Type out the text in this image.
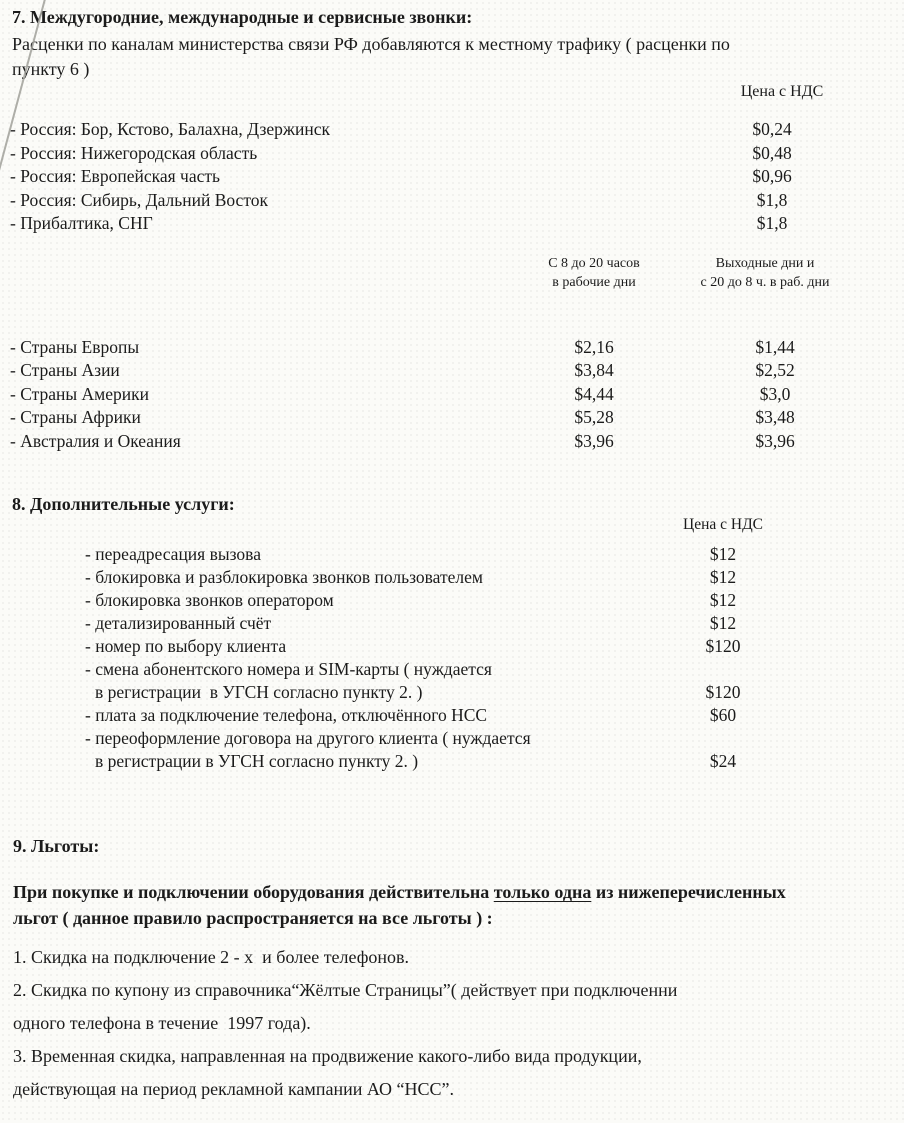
7. Междугородние, международные и сервисные звонки:
Расценки по каналам министерства связи РФ добавляются к местному трафику ( расценки по
пункту 6 )
Цена с НДС
- Россия: Бор, Кстово, Балахна, Дзержинск	$0,24
- Россия: Нижегородская область	$0,48
- Россия: Европейская часть	$0,96
- Россия: Сибирь, Дальний Восток	$1,8
- Прибалтика, СНГ	$1,8
С 8 до 20 часов
в рабочие дни
Выходные дни и
с 20 до 8 ч. в раб. дни
- Страны Европы	$2,16	$1,44
- Страны Азии	$3,84	$2,52
- Страны Америки	$4,44	$3,0
- Страны Африки	$5,28	$3,48
- Австралия и Океания	$3,96	$3,96
8. Дополнительные услуги:
Цена с НДС
- переадресация вызова	$12
- блокировка и разблокировка звонков пользователем	$12
- блокировка звонков оператором	$12
- детализированный счёт	$12
- номер по выбору клиента	$120
- смена абонентского номера и SIM-карты ( нуждается
в регистрации  в УГСН согласно пункту 2. )	$120
- плата за подключение телефона, отключённого НСС	$60
- переоформление договора на другого клиента ( нуждается
в регистрации в УГСН согласно пункту 2. )	$24
9. Льготы:
При покупке и подключении оборудования действительна только одна из нижеперечисленных
льгот ( данное правило распространяется на все льготы ) :
1. Скидка на подключение 2 - х  и более телефонов.
2. Скидка по купону из справочника“Жёлтые Страницы”( действует при подключенни
одного телефона в течение  1997 года).
3. Временная скидка, направленная на продвижение какого-либо вида продукции,
действующая на период рекламной кампании АО “НСС”.
